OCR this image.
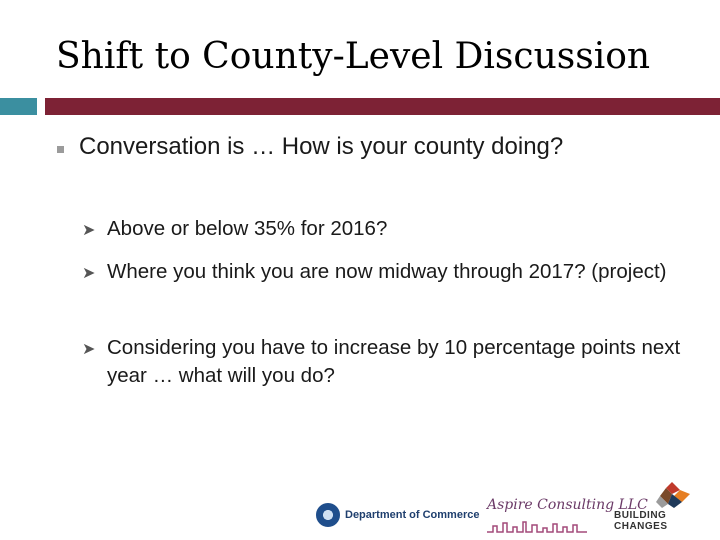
Shift to County-Level Discussion
Conversation is … How is your county doing?
➤ Above or below 35% for 2016?
➤ Where you think you are now midway through 2017? (project)
➤ Considering you have to increase by 10 percentage points next year … what will you do?
Department of Commerce
Aspire Consulting LLC
BUILDING
CHANGES
